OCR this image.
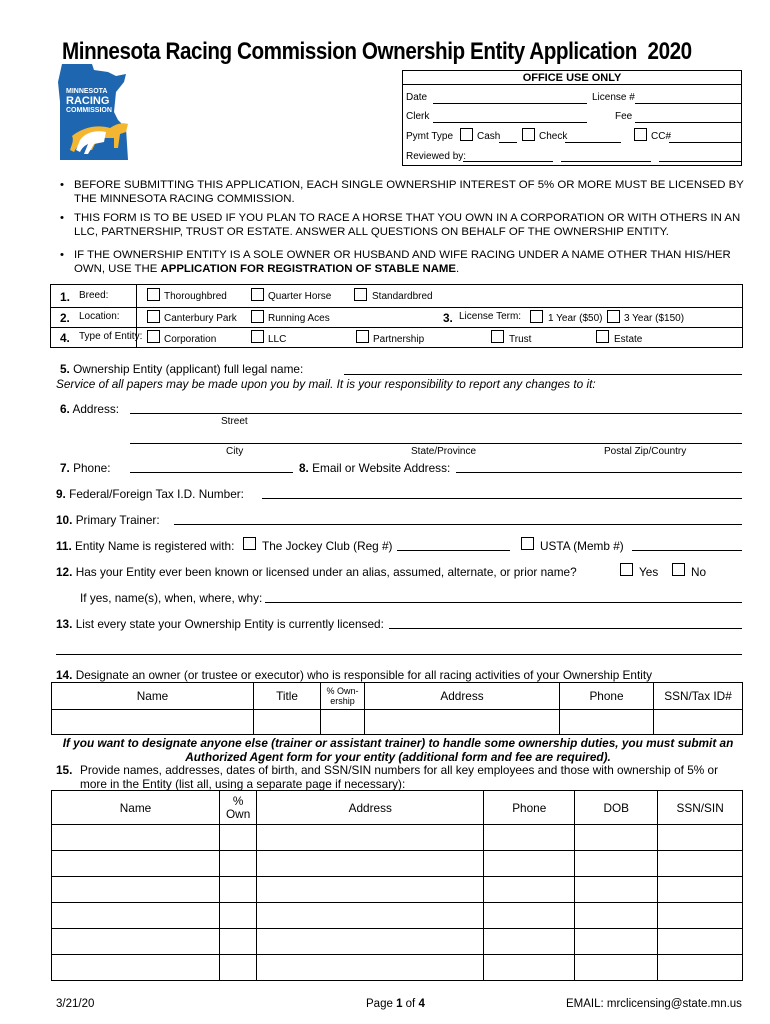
Minnesota Racing Commission Ownership Entity Application 2020
MINNESOTA
RACING
COMMISSION
OFFICE USE ONLY
Date	License #
Clerk	Fee
Pymt Type Cash	Check	CC#
Reviewed by:
• BEFORE SUBMITTING THIS APPLICATION, EACH SINGLE OWNERSHIP INTEREST OF 5% OR MORE MUST BE LICENSED BY THE MINNESOTA RACING COMMISSION.
• THIS FORM IS TO BE USED IF YOU PLAN TO RACE A HORSE THAT YOU OWN IN A CORPORATION OR WITH OTHERS IN AN LLC, PARTNERSHIP, TRUST OR ESTATE. ANSWER ALL QUESTIONS ON BEHALF OF THE OWNERSHIP ENTITY.
• IF THE OWNERSHIP ENTITY IS A SOLE OWNER OR HUSBAND AND WIFE RACING UNDER A NAME OTHER THAN HIS/HER OWN, USE THE APPLICATION FOR REGISTRATION OF STABLE NAME.
1. Breed:	Thoroughbred	Quarter Horse	Standardbred
2. Location:	Canterbury Park	Running Aces	3. License Term:	1 Year ($50) 3 Year ($150)
4. Type of Entity: Corporation	LLC	Partnership	Trust	Estate
5. Ownership Entity (applicant) full legal name:
Service of all papers may be made upon you by mail. It is your responsibility to report any changes to it:
6. Address:
Street
City	State/Province	Postal Zip/Country
7. Phone:	8. Email or Website Address:
9. Federal/Foreign Tax I.D. Number:
10. Primary Trainer:
11. Entity Name is registered with: The Jockey Club (Reg #)	USTA (Memb #)
12. Has your Entity ever been known or licensed under an alias, assumed, alternate, or prior name?	Yes	No
If yes, name(s), when, where, why:
13. List every state your Ownership Entity is currently licensed:
14. Designate an owner (or trustee or executor) who is responsible for all racing activities of your Ownership Entity
Name	Title	% Own-ership	Address	Phone	SSN/Tax ID#

If you want to designate anyone else (trainer or assistant trainer) to handle some ownership duties, you must submit an Authorized Agent form for your entity (additional form and fee are required).
15. Provide names, addresses, dates of birth, and SSN/SIN numbers for all key employees and those with ownership of 5% or more in the Entity (list all, using a separate page if necessary):
Name	% Own	Address	Phone	DOB	SSN/SIN

3/21/20	Page 1 of 4	EMAIL: mrclicensing@state.mn.us
